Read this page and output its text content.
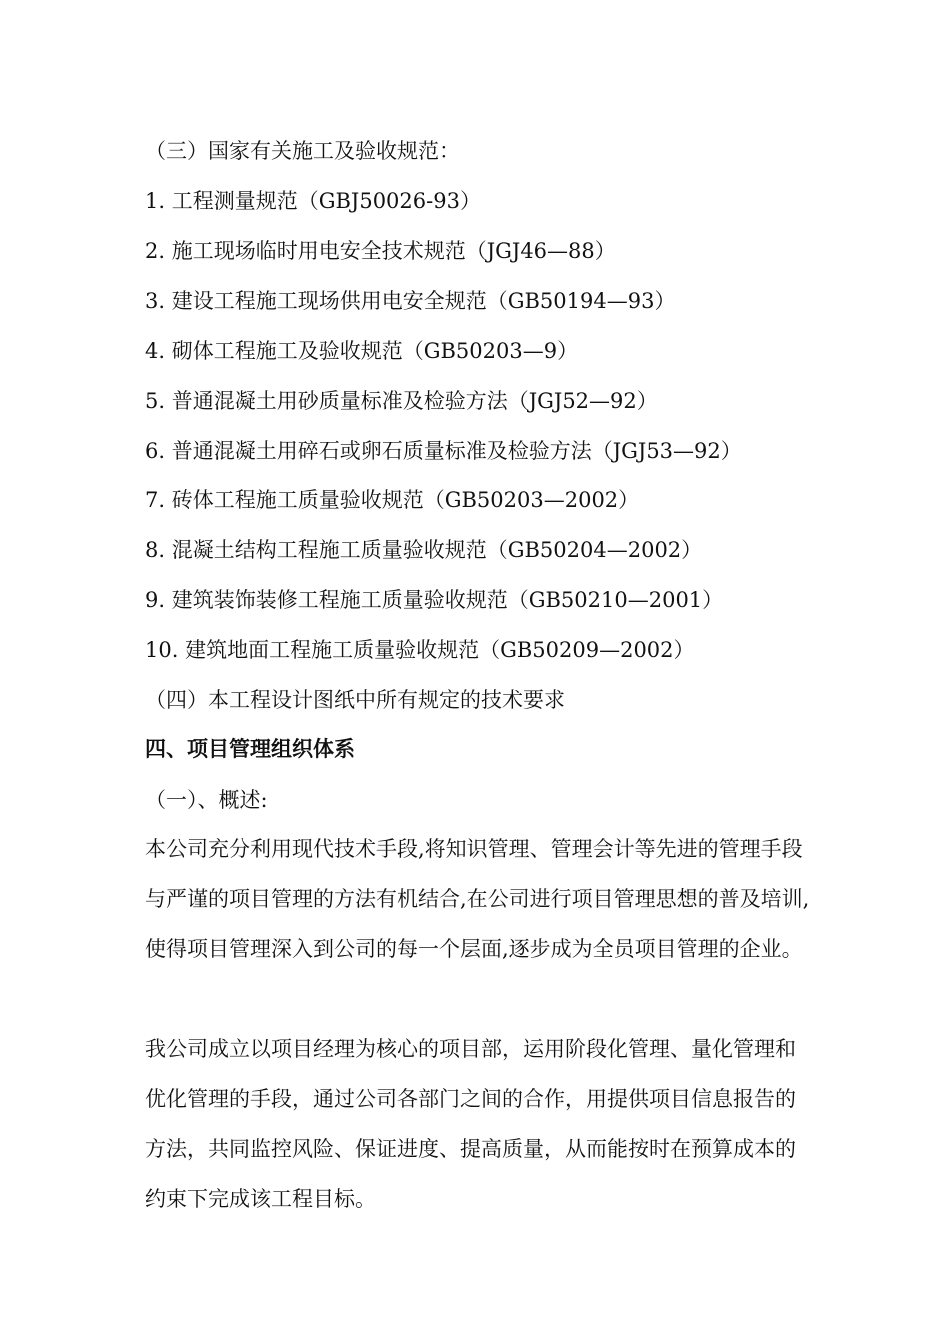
（三）国家有关施工及验收规范：
1. 工程测量规范（GBJ50026-93）
2. 施工现场临时用电安全技术规范（JGJ46—88）
3. 建设工程施工现场供用电安全规范（GB50194—93）
4. 砌体工程施工及验收规范（GB50203—9）
5. 普通混凝土用砂质量标准及检验方法（JGJ52—92）
6. 普通混凝土用碎石或卵石质量标准及检验方法（JGJ53—92）
7. 砖体工程施工质量验收规范（GB50203—2002）
8. 混凝土结构工程施工质量验收规范（GB50204—2002）
9. 建筑装饰装修工程施工质量验收规范（GB50210—2001）
10. 建筑地面工程施工质量验收规范（GB50209—2002）
（四）本工程设计图纸中所有规定的技术要求
四、项目管理组织体系
（一）、概述:
本公司充分利用现代技术手段,将知识管理、管理会计等先进的管理手段与严谨的项目管理的方法有机结合,在公司进行项目管理思想的普及培训,使得项目管理深入到公司的每一个层面,逐步成为全员项目管理的企业。
我公司成立以项目经理为核心的项目部，运用阶段化管理、量化管理和优化管理的手段，通过公司各部门之间的合作，用提供项目信息报告的方法，共同监控风险、保证进度、提高质量，从而能按时在预算成本的约束下完成该工程目标。
